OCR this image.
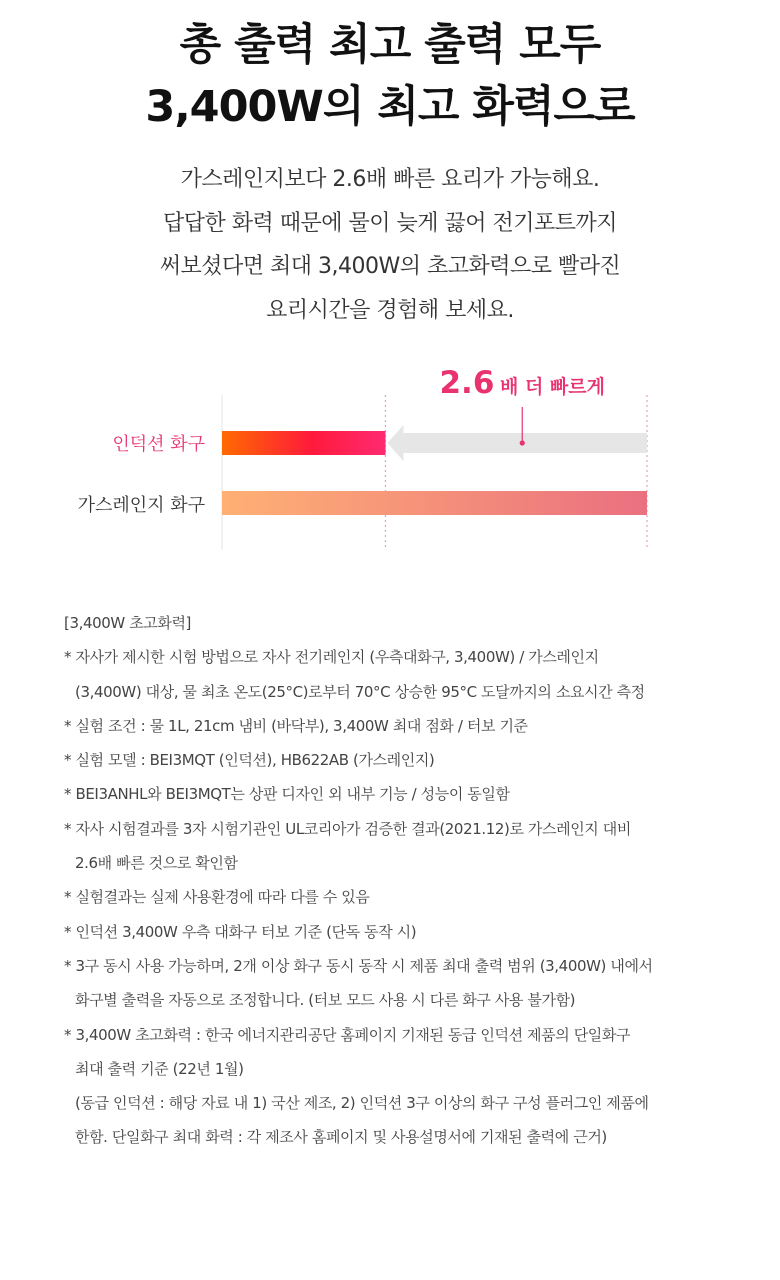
총 출력 최고 출력 모두
3,400W의 최고 화력으로
가스레인지보다 2.6배 빠른 요리가 가능해요.
답답한 화력 때문에 물이 늦게 끓어 전기포트까지
써보셨다면 최대 3,400W의 초고화력으로 빨라진
요리시간을 경험해 보세요.
2.6 배 더 빠르게
인덕션 화구
가스레인지 화구
[3,400W 초고화력]
* 자사가 제시한 시험 방법으로 자사 전기레인지 (우측대화구, 3,400W) / 가스레인지
(3,400W) 대상, 물 최초 온도(25°C)로부터 70°C 상승한 95°C 도달까지의 소요시간 측정
* 실험 조건 : 물 1L, 21cm 냄비 (바닥부), 3,400W 최대 점화 / 터보 기준
* 실험 모델 : BEI3MQT (인덕션), HB622AB (가스레인지)
* BEI3ANHL와 BEI3MQT는 상판 디자인 외 내부 기능 / 성능이 동일함
* 자사 시험결과를 3자 시험기관인 UL코리아가 검증한 결과(2021.12)로 가스레인지 대비
2.6배 빠른 것으로 확인함
* 실험결과는 실제 사용환경에 따라 다를 수 있음
* 인덕션 3,400W 우측 대화구 터보 기준 (단독 동작 시)
* 3구 동시 사용 가능하며, 2개 이상 화구 동시 동작 시 제품 최대 출력 범위 (3,400W) 내에서
화구별 출력을 자동으로 조정합니다. (터보 모드 사용 시 다른 화구 사용 불가함)
* 3,400W 초고화력 : 한국 에너지관리공단 홈페이지 기재된 동급 인덕션 제품의 단일화구
최대 출력 기준 (22년 1월)
(동급 인덕션 : 해당 자료 내 1) 국산 제조, 2) 인덕션 3구 이상의 화구 구성 플러그인 제품에
한함. 단일화구 최대 화력 : 각 제조사 홈페이지 및 사용설명서에 기재된 출력에 근거)
